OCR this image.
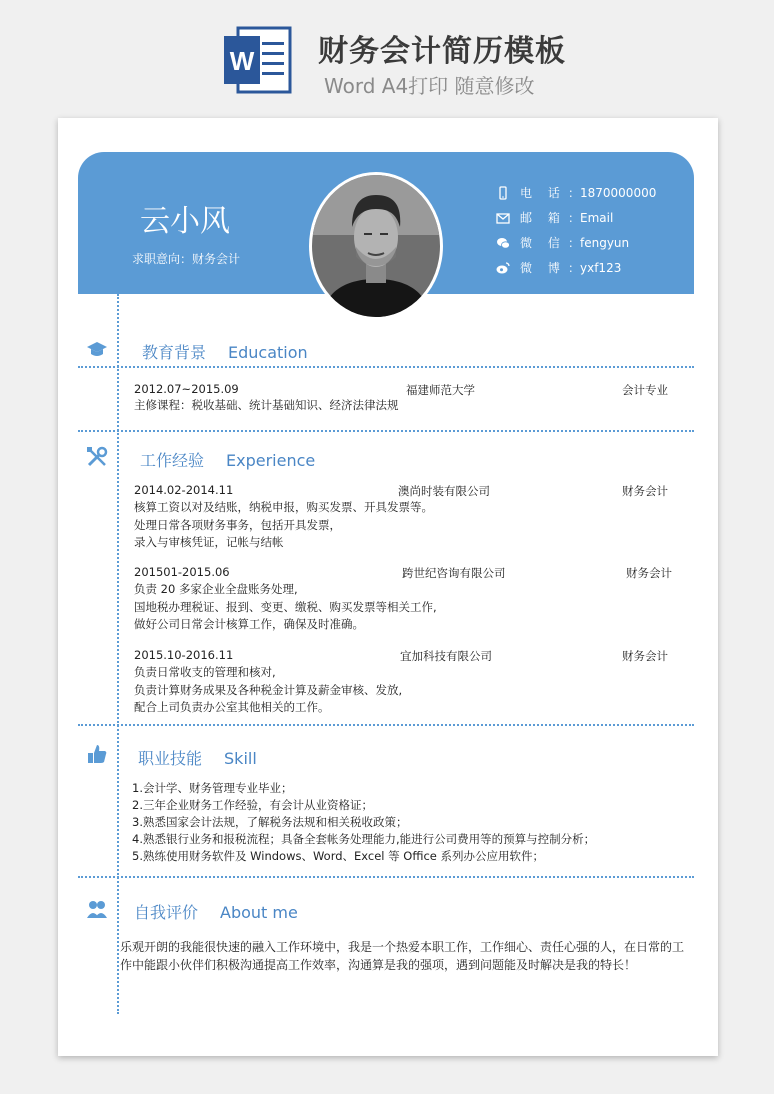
W 财务会计简历模板
Word A4打印 随意修改
云小风
求职意向：财务会计
电 话 ：1870000000
邮 箱 ：Email
微 信 ：fengyun
微 博 ：yxf123
教育背景 Education
2012.07~2015.09	福建师范大学	会计专业
主修课程：税收基础、统计基础知识、经济法律法规
工作经验 Experience
2014.02-2014.11	澳尚时装有限公司	财务会计
核算工资以对及结账，纳税申报，购买发票、开具发票等。
处理日常各项财务事务，包括开具发票，
录入与审核凭证，记帐与结帐
201501-2015.06	跨世纪咨询有限公司	财务会计
负责 20 多家企业全盘账务处理,
国地税办理税证、报到、变更、缴税、购买发票等相关工作,
做好公司日常会计核算工作，确保及时准确。
2015.10-2016.11	宜加科技有限公司	财务会计
负责日常收支的管理和核对,
负责计算财务成果及各种税金计算及薪金审核、发放,
配合上司负责办公室其他相关的工作。
职业技能 Skill
1.会计学、财务管理专业毕业；
2.三年企业财务工作经验，有会计从业资格证；
3.熟悉国家会计法规，了解税务法规和相关税收政策；
4.熟悉银行业务和报税流程；具备全套帐务处理能力,能进行公司费用等的预算与控制分析；
5.熟练使用财务软件及 Windows、Word、Excel 等 Office 系列办公应用软件；
自我评价 About me
乐观开朗的我能很快速的融入工作环境中，我是一个热爱本职工作，工作细心、责任心强的人，在日常的工作中能跟小伙伴们积极沟通提高工作效率，沟通算是我的强项，遇到问题能及时解决是我的特长！
